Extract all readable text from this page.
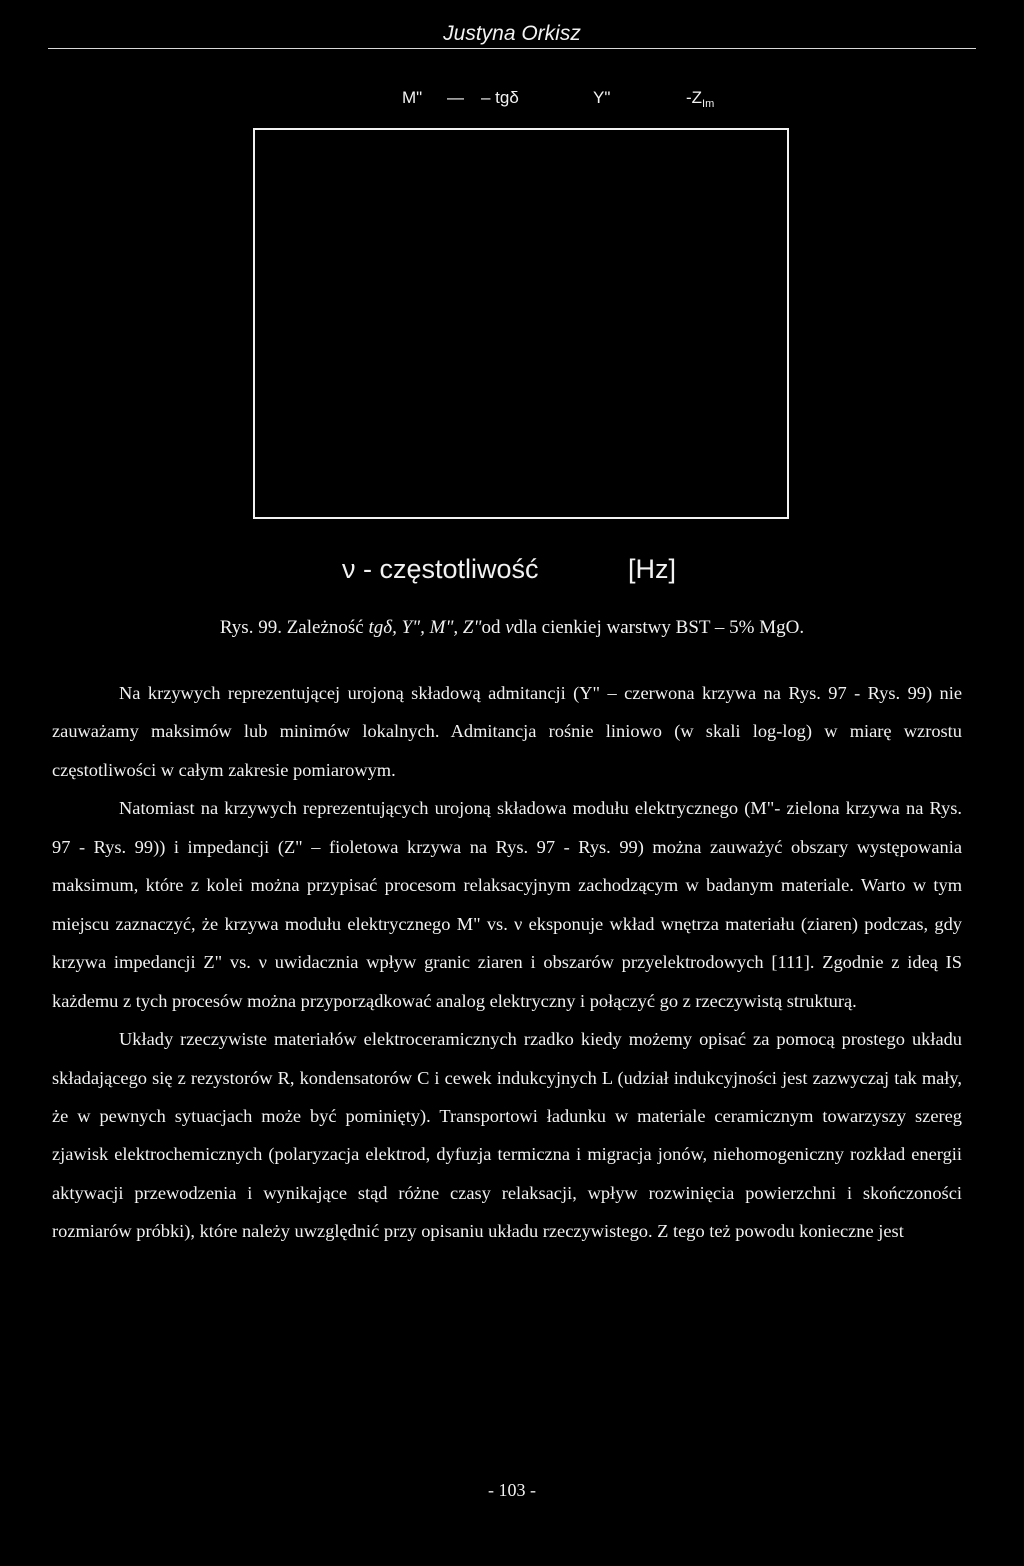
Justyna Orkisz
M" — – tgδ	Y"	$-Z_{Im}$
ν - częstotliwość	[Hz]
Rys. 99. Zależność tgδ, Y", M", Z"od νdla cienkiej warstwy BST – 5% MgO.

Na krzywych reprezentującej urojoną składową admitancji (Y" – czerwona krzywa na Rys. 97 - Rys. 99) nie zauważamy maksimów lub minimów lokalnych. Admitancja rośnie liniowo (w skali log-log) w miarę wzrostu częstotliwości w całym zakresie pomiarowym.

Natomiast na krzywych reprezentujących urojoną składowa modułu elektrycznego (M"- zielona krzywa na Rys. 97 - Rys. 99)) i impedancji (Z" – fioletowa krzywa na Rys. 97 - Rys. 99) można zauważyć obszary występowania maksimum, które z kolei można przypisać procesom relaksacyjnym zachodzącym w badanym materiale. Warto w tym miejscu zaznaczyć, że krzywa modułu elektrycznego M" vs. ν eksponuje wkład wnętrza materiału (ziaren) podczas, gdy krzywa impedancji Z" vs. ν uwidacznia wpływ granic ziaren i obszarów przyelektrodowych [111]. Zgodnie z ideą IS każdemu z tych procesów można przyporządkować analog elektryczny i połączyć go z rzeczywistą strukturą.

Układy rzeczywiste materiałów elektroceramicznych rzadko kiedy możemy opisać za pomocą prostego układu składającego się z rezystorów R, kondensatorów C i cewek indukcyjnych L (udział indukcyjności jest zazwyczaj tak mały, że w pewnych sytuacjach może być pominięty). Transportowi ładunku w materiale ceramicznym towarzyszy szereg zjawisk elektrochemicznych (polaryzacja elektrod, dyfuzja termiczna i migracja jonów, niehomogeniczny rozkład energii aktywacji przewodzenia i wynikające stąd różne czasy relaksacji, wpływ rozwinięcia powierzchni i skończoności rozmiarów próbki), które należy uwzględnić przy opisaniu układu rzeczywistego. Z tego też powodu konieczne jest

- 103 -
